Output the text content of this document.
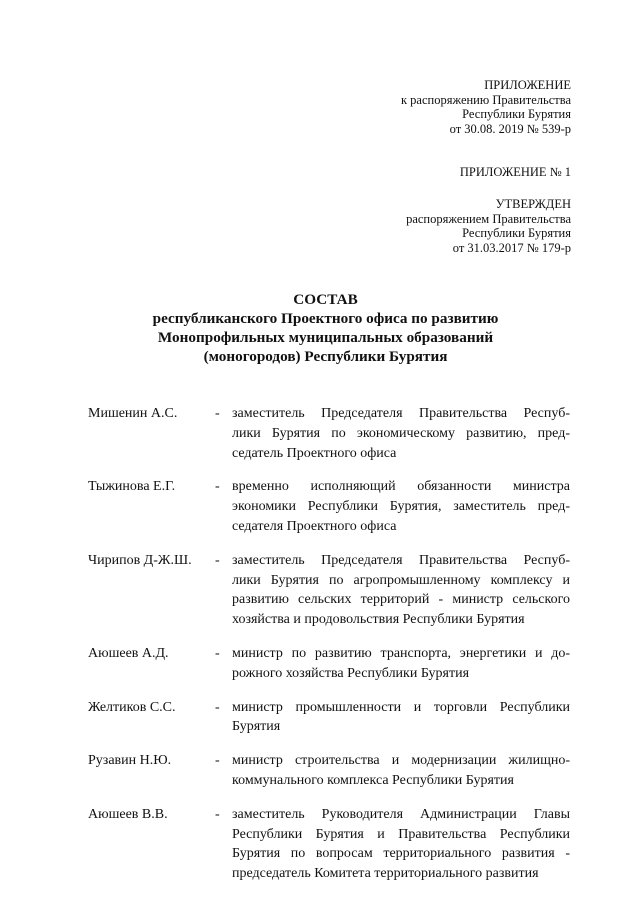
ПРИЛОЖЕНИЕ
к распоряжению Правительства
Республики Бурятия
от 30.08. 2019 № 539-р
ПРИЛОЖЕНИЕ № 1
УТВЕРЖДЕН
распоряжением Правительства
Республики Бурятия
от 31.03.2017 № 179-р
СОСТАВ
республиканского Проектного офиса по развитию
Монопрофильных муниципальных образований
(моногородов) Республики Бурятия
Мишенин А.С.	- заместитель Председателя Правительства Респуб-
лики Бурятия по экономическому развитию, пред-
седатель Проектного офиса
Тыжинова Е.Г.	- временно исполняющий обязанности министра
экономики Республики Бурятия, заместитель пред-
седателя Проектного офиса
Чирипов Д-Ж.Ш.	- заместитель Председателя Правительства Респуб-
лики Бурятия по агропромышленному комплексу и
развитию сельских территорий - министр сельского
хозяйства и продовольствия Республики Бурятия
Аюшеев А.Д.	- министр по развитию транспорта, энергетики и до-
рожного хозяйства Республики Бурятия
Желтиков С.С.	- министр промышленности и торговли Республики
Бурятия
Рузавин Н.Ю.	- министр строительства и модернизации жилищно-
коммунального комплекса Республики Бурятия
Аюшеев В.В.	- заместитель Руководителя Администрации Главы
Республики Бурятия и Правительства Республики
Бурятия по вопросам территориального развития -
председатель Комитета территориального развития
